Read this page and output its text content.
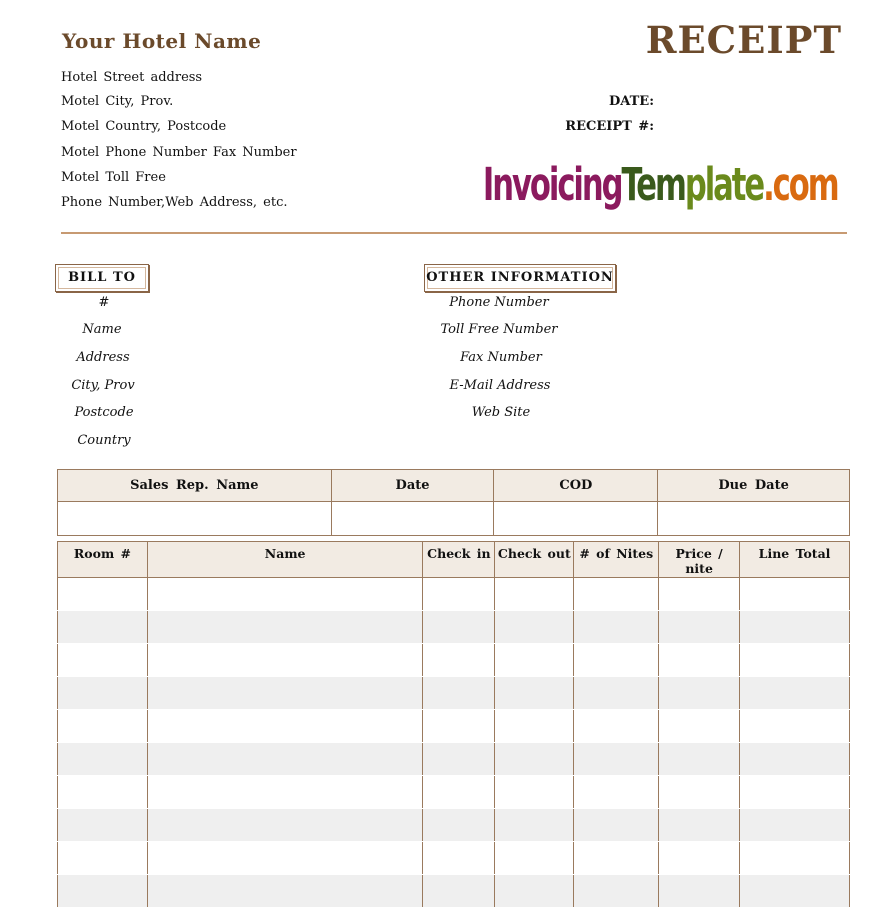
Your Hotel Name	RECEIPT
Hotel Street address
Motel City, Prov.
Motel Country, Postcode
Motel Phone Number Fax Number
Motel Toll Free
Phone Number,Web Address, etc.
DATE:
RECEIPT #:
InvoicingTemplate.com
BILL TO	OTHER INFORMATION
#
Name
Address
City, Prov
Postcode
Country
Phone Number
Toll Free Number
Fax Number
E-Mail Address
Web Site
Sales Rep. Name	Date	COD	Due Date

Room #	Name	Check in	Check out	# of Nites	Price / nite	Line Total
